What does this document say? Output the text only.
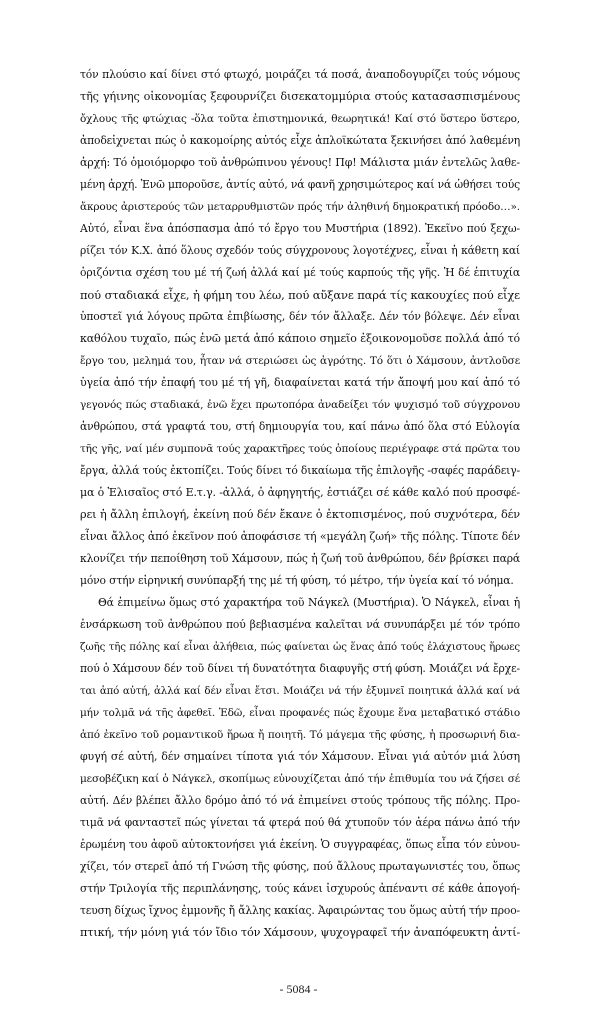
τόν πλούσιο καί δίνει στό φτωχό, μοιράζει τά ποσά, ἀναποδογυρίζει τούς νόμους
τῆς γήινης οἰκονομίας ξεφουρνίζει δισεκατομμύρια στούς κατασασπισμένους
ὄχλους τῆς φτώχιας -ὅλα τοῦτα ἐπιστημονικά, θεωρητικά! Καί στό ὕστερο ὕστερο,
ἀποδεἰχνεται πώς ὁ κακομοίρης αὐτός εἶχε ἀπλοϊκώτατα ξεκινήσει ἀπό λαθεμένη
ἀρχή: Τό ὁμοιόμορφο τοῦ ἀνθρώπινου γένους! Πφ! Μάλιστα μιάν ἐντελῶς λαθε-
μένη ἀρχή. Ἐνῶ μποροῦσε, ἀντίς αὐτό, νά φανῆ χρησιμώτερος καί νά ὠθήσει τούς
ἄκρους ἀριστερούς τῶν μεταρρυθμιστῶν πρός τήν ἀληθινή δημοκρατική πρόοδο…».
Αὐτό, εἶναι ἕνα ἀπόσπασμα ἀπό τό ἔργο του Μυστήρια (1892). Ἐκεῖνο πού ξεχω-
ρίζει τόν Κ.Χ. ἀπό ὅλους σχεδόν τούς σύγχρονους λογοτέχνες, εἶναι ἡ κάθετη καί
ὁριζόντια σχέση του μέ τή ζωή ἀλλά καί μέ τούς καρπούς τῆς γῆς. Ἡ δέ ἐπιτυχία
πού σταδιακά εἶχε, ἡ φήμη του λέω, πού αὔξανε παρά τίς κακουχίες πού εἶχε
ὑποστεῖ γιά λόγους πρῶτα ἐπιβίωσης, δέν τόν ἄλλαξε. Δέν τόν βόλεψε. Δέν εἶναι
καθόλου τυχαῖο, πώς ἐνῶ μετά ἀπό κάποιο σημεῖο ἐξοικονομοῦσε πολλά ἀπό τό
ἔργο του, μελημά του, ἦταν νά στεριώσει ὡς ἀγρότης. Τό ὅτι ὁ Χάμσουν, ἀντλοῦσε
ὑγεία ἀπό τήν ἐπαφή του μέ τή γῆ, διαφαίνεται κατά τήν ἄποψή μου καί ἀπό τό
γεγονός πώς σταδιακά, ἐνῶ ἔχει πρωτοπόρα ἀναδείξει τόν ψυχισμό τοῦ σύγχρονου
ἀνθρώπου, στά γραφτά του, στή δημιουργία του, καί πάνω ἀπό ὅλα στό Εὐλογία
τῆς γῆς, ναί μέν συμπονᾶ τούς χαρακτῆρες τούς ὁποίους περιέγραφε στά πρῶτα του
ἔργα, ἀλλά τούς ἐκτοπίζει. Τούς δίνει τό δικαίωμα τῆς ἐπιλογῆς -σαφές παράδειγ-
μα ὁ Ἐλισαῖος στό Ε.τ.γ. -ἀλλά, ὁ ἀφηγητής, ἑστιάζει σέ κάθε καλό πού προσφέ-
ρει ἡ ἄλλη ἐπιλογή, ἐκείνη πού δέν ἔκανε ὁ ἐκτοπισμένος, πού συχνότερα, δέν
εἶναι ἄλλος ἀπό ἐκεῖνον πού ἀποφάσισε τή «μεγάλη ζωή» τῆς πόλης. Τίποτε δέν
κλονίζει τήν πεποίθηση τοῦ Χάμσουν, πώς ἡ ζωή τοῦ ἀνθρώπου, δέν βρίσκει παρά
μόνο στήν εἰρηνική συνύπαρξή της μέ τή φύση, τό μέτρο, τήν ὑγεία καί τό νόημα.
Θά ἐπιμείνω ὅμως στό χαρακτήρα τοῦ Νάγκελ (Μυστήρια). Ὁ Νάγκελ, εἶναι ἡ
ἐνσάρκωση τοῦ ἀνθρώπου πού βεβιασμένα καλεῖται νά συνυπάρξει μέ τόν τρόπο
ζωῆς τῆς πόλης καί εἶναι ἀλήθεια, πώς φαίνεται ὡς ἕνας ἀπό τούς ἐλάχιστους ἥρωες
πού ὁ Χάμσουν δέν τοῦ δίνει τή δυνατότητα διαφυγῆς στή φύση. Μοιάζει νά ἔρχε-
ται ἀπό αὐτή, ἀλλά καί δέν εἶναι ἔτσι. Μοιάζει νά τήν ἐξυμνεῖ ποιητικά ἀλλά καί νά
μήν τολμᾶ νά τῆς ἀφεθεῖ. Ἐδῶ, εἶναι προφανές πώς ἔχουμε ἕνα μεταβατικό στάδιο
ἀπό ἐκεῖνο τοῦ ρομαντικοῦ ἥρωα ἤ ποιητῆ. Τό μάγεμα τῆς φύσης, ἡ προσωρινή δια-
φυγή σέ αὐτή, δέν σημαίνει τίποτα γιά τόν Χάμσουν. Εἶναι γιά αὐτόν μιά λύση
μεσοβέζικη καί ὁ Νάγκελ, σκοπίμως εὐνουχίζεται ἀπό τήν ἐπιθυμία του νά ζήσει σέ
αὐτή. Δέν βλέπει ἄλλο δρόμο ἀπό τό νά ἐπιμείνει στούς τρόπους τῆς πόλης. Προ-
τιμᾶ νά φανταστεῖ πώς γίνεται τά φτερά πού θά χτυποῦν τόν ἀέρα πάνω ἀπό τήν
ἐρωμένη του ἀφοῦ αὐτοκτονήσει γιά ἐκείνη. Ὁ συγγραφέας, ὅπως εἶπα τόν εὐνου-
χίζει, τόν στερεῖ ἀπό τή Γνώση τῆς φύσης, πού ἄλλους πρωταγωνιστές του, ὅπως
στήν Τριλογία τῆς περιπλάνησης, τούς κάνει ἰσχυρούς ἀπέναντι σέ κάθε ἀπογοή-
τευση δίχως ἴχνος ἐμμονῆς ἤ ἄλλης κακίας. Ἀφαιρώντας του ὅμως αὐτή τήν προο-
πτική, τήν μόνη γιά τόν ἴδιο τόν Χάμσουν, ψυχογραφεῖ τήν ἀναπόφευκτη ἀντί-
- 5084 -
